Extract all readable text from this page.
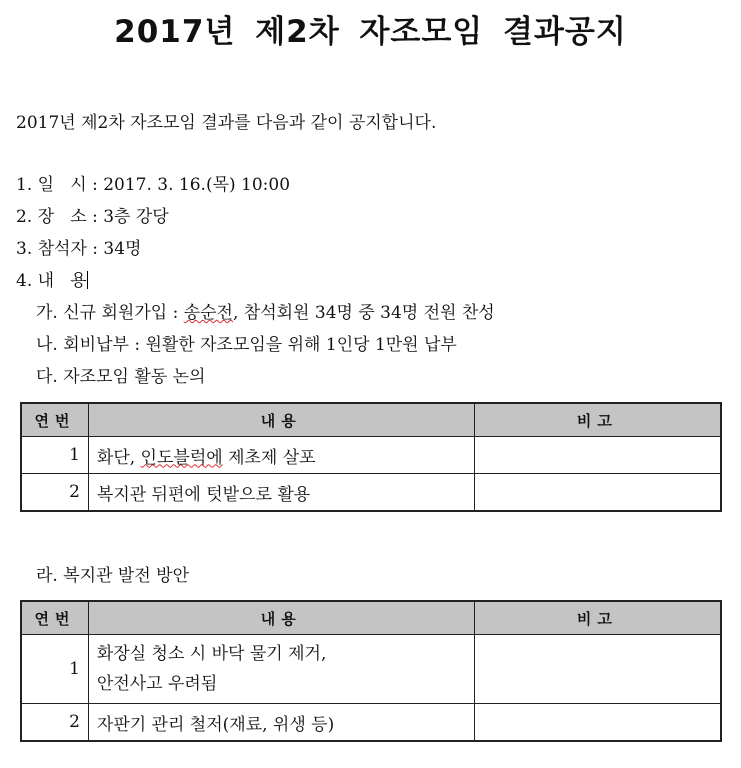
2017년 제2차 자조모임 결과공지
2017년 제2차 자조모임 결과를 다음과 같이 공지합니다.
1. 일   시 : 2017. 3. 16.(목) 10:00
2. 장   소 : 3층 강당
3. 참석자 : 34명
4. 내   용
가. 신규 회원가입 : 송순전, 참석회원 34명 중 34명 전원 찬성
나. 회비납부 : 원활한 자조모임을 위해 1인당 1만원 납부
다. 자조모임 활동 논의
연번	내용	비고
1	화단, 인도블럭에 제초제 살포	
2	복지관 뒤편에 텃밭으로 활용	
라. 복지관 발전 방안
연번	내용	비고
1	화장실 청소 시 바닥 물기 제거,
안전사고 우려됨	

2	자판기 관리 철저(재료, 위생 등)	
